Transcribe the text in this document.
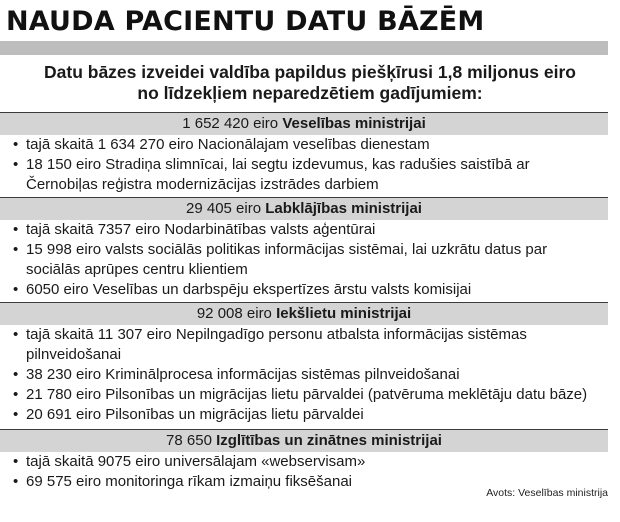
NAUDA PACIENTU DATU BĀZĒM
Datu bāzes izveidei valdība papildus piešķīrusi 1,8 miljonus eiro
no līdzekļiem neparedzētiem gadījumiem:
1 652 420 eiro Veselības ministrijai
• tajā skaitā 1 634 270 eiro Nacionālajam veselības dienestam
• 18 150 eiro Stradiņa slimnīcai, lai segtu izdevumus, kas radušies saistībā ar
Černobiļas reģistra modernizācijas izstrādes darbiem
29 405 eiro Labklājības ministrijai
• tajā skaitā 7357 eiro Nodarbinātības valsts aģentūrai
• 15 998 eiro valsts sociālās politikas informācijas sistēmai, lai uzkrātu datus par
sociālās aprūpes centru klientiem
• 6050 eiro Veselības un darbspēju ekspertīzes ārstu valsts komisijai
92 008 eiro Iekšlietu ministrijai
• tajā skaitā 11 307 eiro Nepilngadīgo personu atbalsta informācijas sistēmas
pilnveidošanai
• 38 230 eiro Kriminālprocesa informācijas sistēmas pilnveidošanai
• 21 780 eiro Pilsonības un migrācijas lietu pārvaldei (patvēruma meklētāju datu bāze)
• 20 691 eiro Pilsonības un migrācijas lietu pārvaldei
78 650 Izglītības un zinātnes ministrijai
• tajā skaitā 9075 eiro universālajam «webservisam»
• 69 575 eiro monitoringa rīkam izmaiņu fiksēšanai
Avots: Veselības ministrija
